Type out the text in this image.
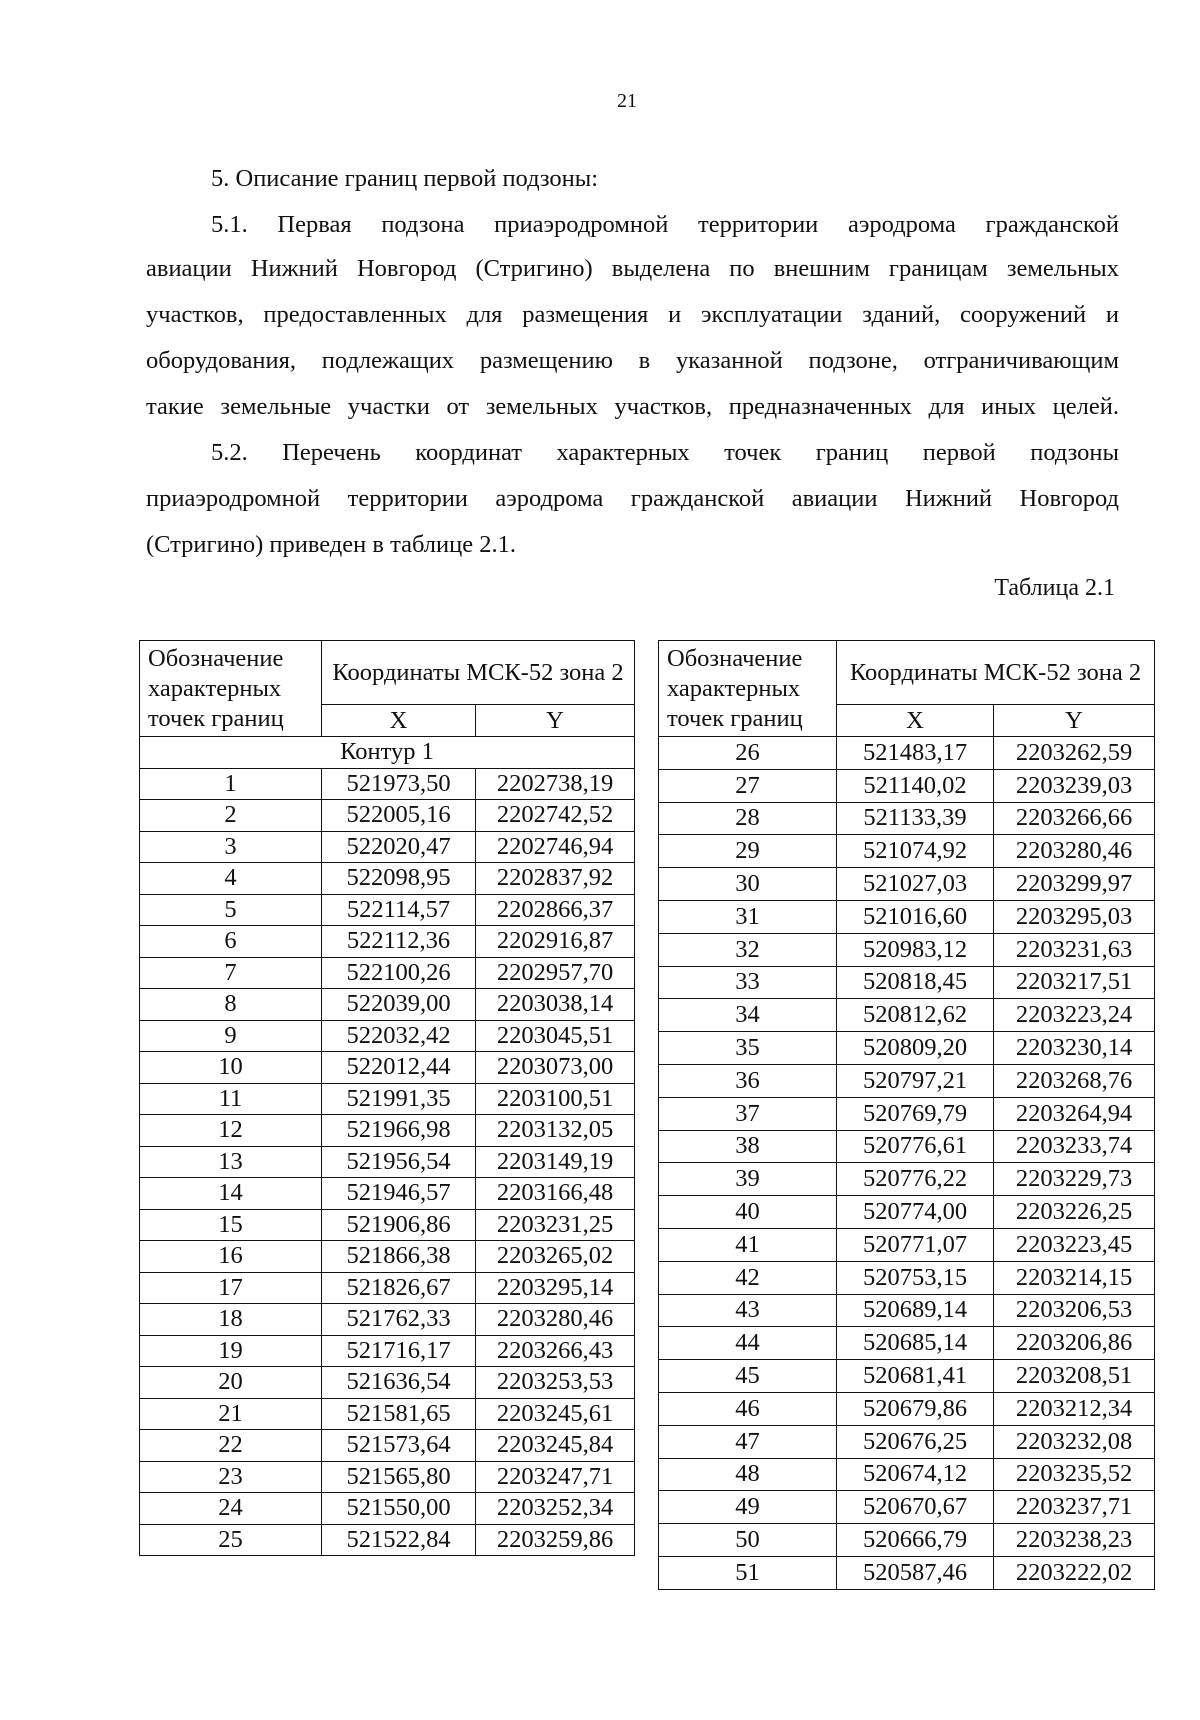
21
5. Описание границ первой подзоны:
5.1. Первая подзона приаэродромной территории аэродрома гражданской
авиации Нижний Новгород (Стригино) выделена по внешним границам земельных
участков, предоставленных для размещения и эксплуатации зданий, сооружений и
оборудования, подлежащих размещению в указанной подзоне, отграничивающим
такие земельные участки от земельных участков, предназначенных для иных целей.
5.2. Перечень координат характерных точек границ первой подзоны
приаэродромной территории аэродрома гражданской авиации Нижний Новгород
(Стригино) приведен в таблице 2.1.
Таблица 2.1
Обозначение характерных точек границ	Координаты МСК-52 зона 2	
	X	Y
Контур 1		
1	521973,50	2202738,19
2	522005,16	2202742,52
3	522020,47	2202746,94
4	522098,95	2202837,92
5	522114,57	2202866,37
6	522112,36	2202916,87
7	522100,26	2202957,70
8	522039,00	2203038,14
9	522032,42	2203045,51
10	522012,44	2203073,00
11	521991,35	2203100,51
12	521966,98	2203132,05
13	521956,54	2203149,19
14	521946,57	2203166,48
15	521906,86	2203231,25
16	521866,38	2203265,02
17	521826,67	2203295,14
18	521762,33	2203280,46
19	521716,17	2203266,43
20	521636,54	2203253,53
21	521581,65	2203245,61
22	521573,64	2203245,84
23	521565,80	2203247,71
24	521550,00	2203252,34
25	521522,84	2203259,86
Обозначение характерных точек границ	Координаты МСК-52 зона 2	
	X	Y
26	521483,17	2203262,59
27	521140,02	2203239,03
28	521133,39	2203266,66
29	521074,92	2203280,46
30	521027,03	2203299,97
31	521016,60	2203295,03
32	520983,12	2203231,63
33	520818,45	2203217,51
34	520812,62	2203223,24
35	520809,20	2203230,14
36	520797,21	2203268,76
37	520769,79	2203264,94
38	520776,61	2203233,74
39	520776,22	2203229,73
40	520774,00	2203226,25
41	520771,07	2203223,45
42	520753,15	2203214,15
43	520689,14	2203206,53
44	520685,14	2203206,86
45	520681,41	2203208,51
46	520679,86	2203212,34
47	520676,25	2203232,08
48	520674,12	2203235,52
49	520670,67	2203237,71
50	520666,79	2203238,23
51	520587,46	2203222,02
